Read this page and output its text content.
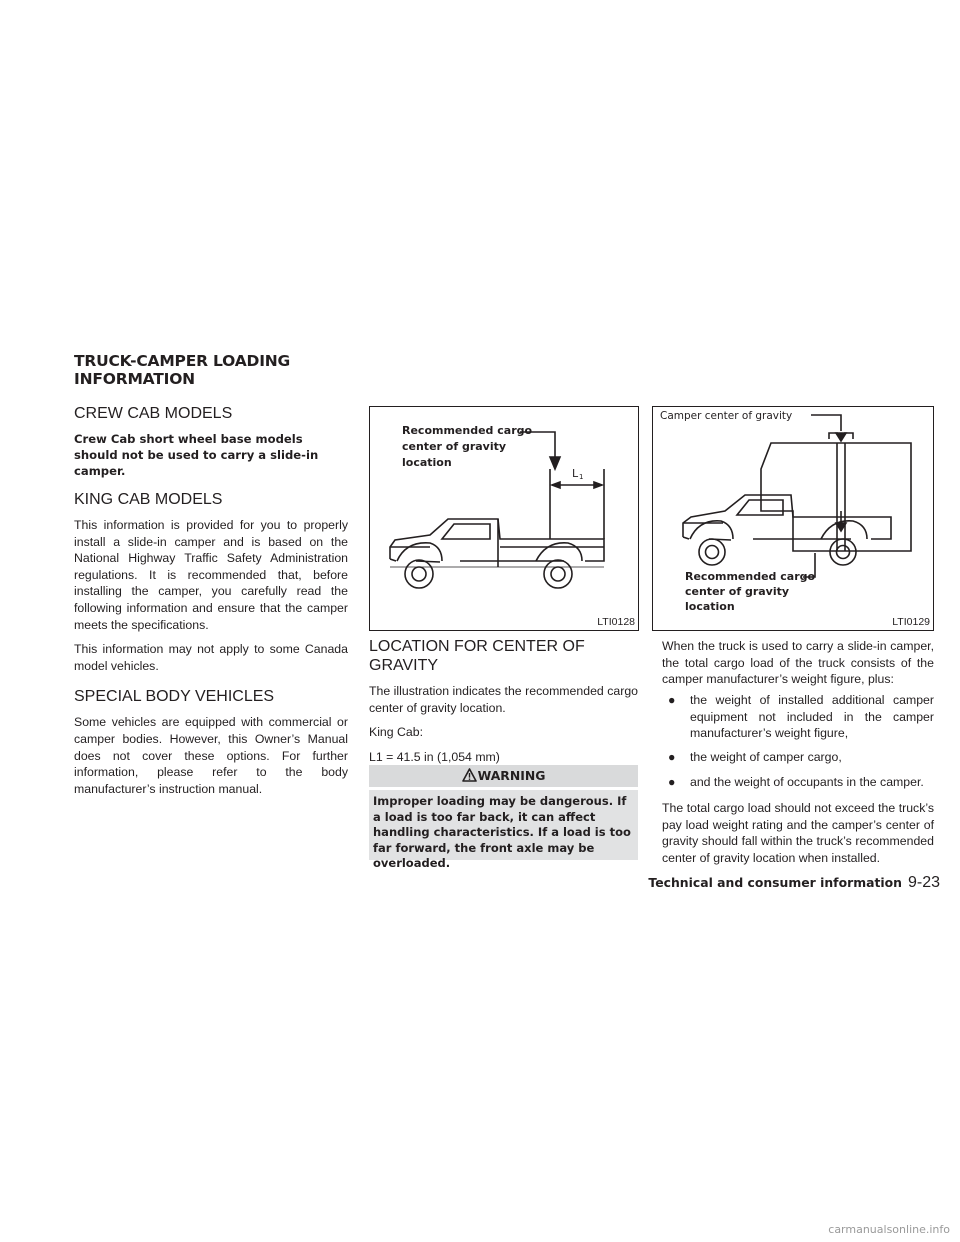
TRUCK-CAMPER LOADING
INFORMATION
CREW CAB MODELS

Crew Cab short wheel base models should not be used to carry a slide-in camper.

KING CAB MODELS

This information is provided for you to properly install a slide-in camper and is based on the National Highway Traffic Safety Administration regulations. It is recommended that, before installing the camper, you carefully read the following information and ensure that the camper meets the specifications.

This information may not apply to some Canada model vehicles.

SPECIAL BODY VEHICLES

Some vehicles are equipped with commercial or camper bodies. However, this Owner’s Manual does not cover these options. For further information, please refer to the body manufacturer’s instruction manual.

Recommended cargo
center of gravity
location
L 1
LTI0128
LOCATION FOR CENTER OF
GRAVITY

The illustration indicates the recommended cargo center of gravity location.

King Cab:

L1 = 41.5 in (1,054 mm)

WARNING
Improper loading may be dangerous. If a load is too far back, it can affect handling characteristics. If a load is too far forward, the front axle may be overloaded.
Camper center of gravity
Recommended cargo
center of gravity
location
LTI0129

When the truck is used to carry a slide-in camper, the total cargo load of the truck consists of the camper manufacturer’s weight figure, plus:

●	the weight of installed additional camper equipment not included in the camper manufacturer’s weight figure,
●	the weight of camper cargo,
●	and the weight of occupants in the camper.

The total cargo load should not exceed the truck’s pay load weight rating and the camper’s center of gravity should fall within the truck’s recommended center of gravity location when installed.

Technical and consumer information 9-23
carmanualsonline.info
